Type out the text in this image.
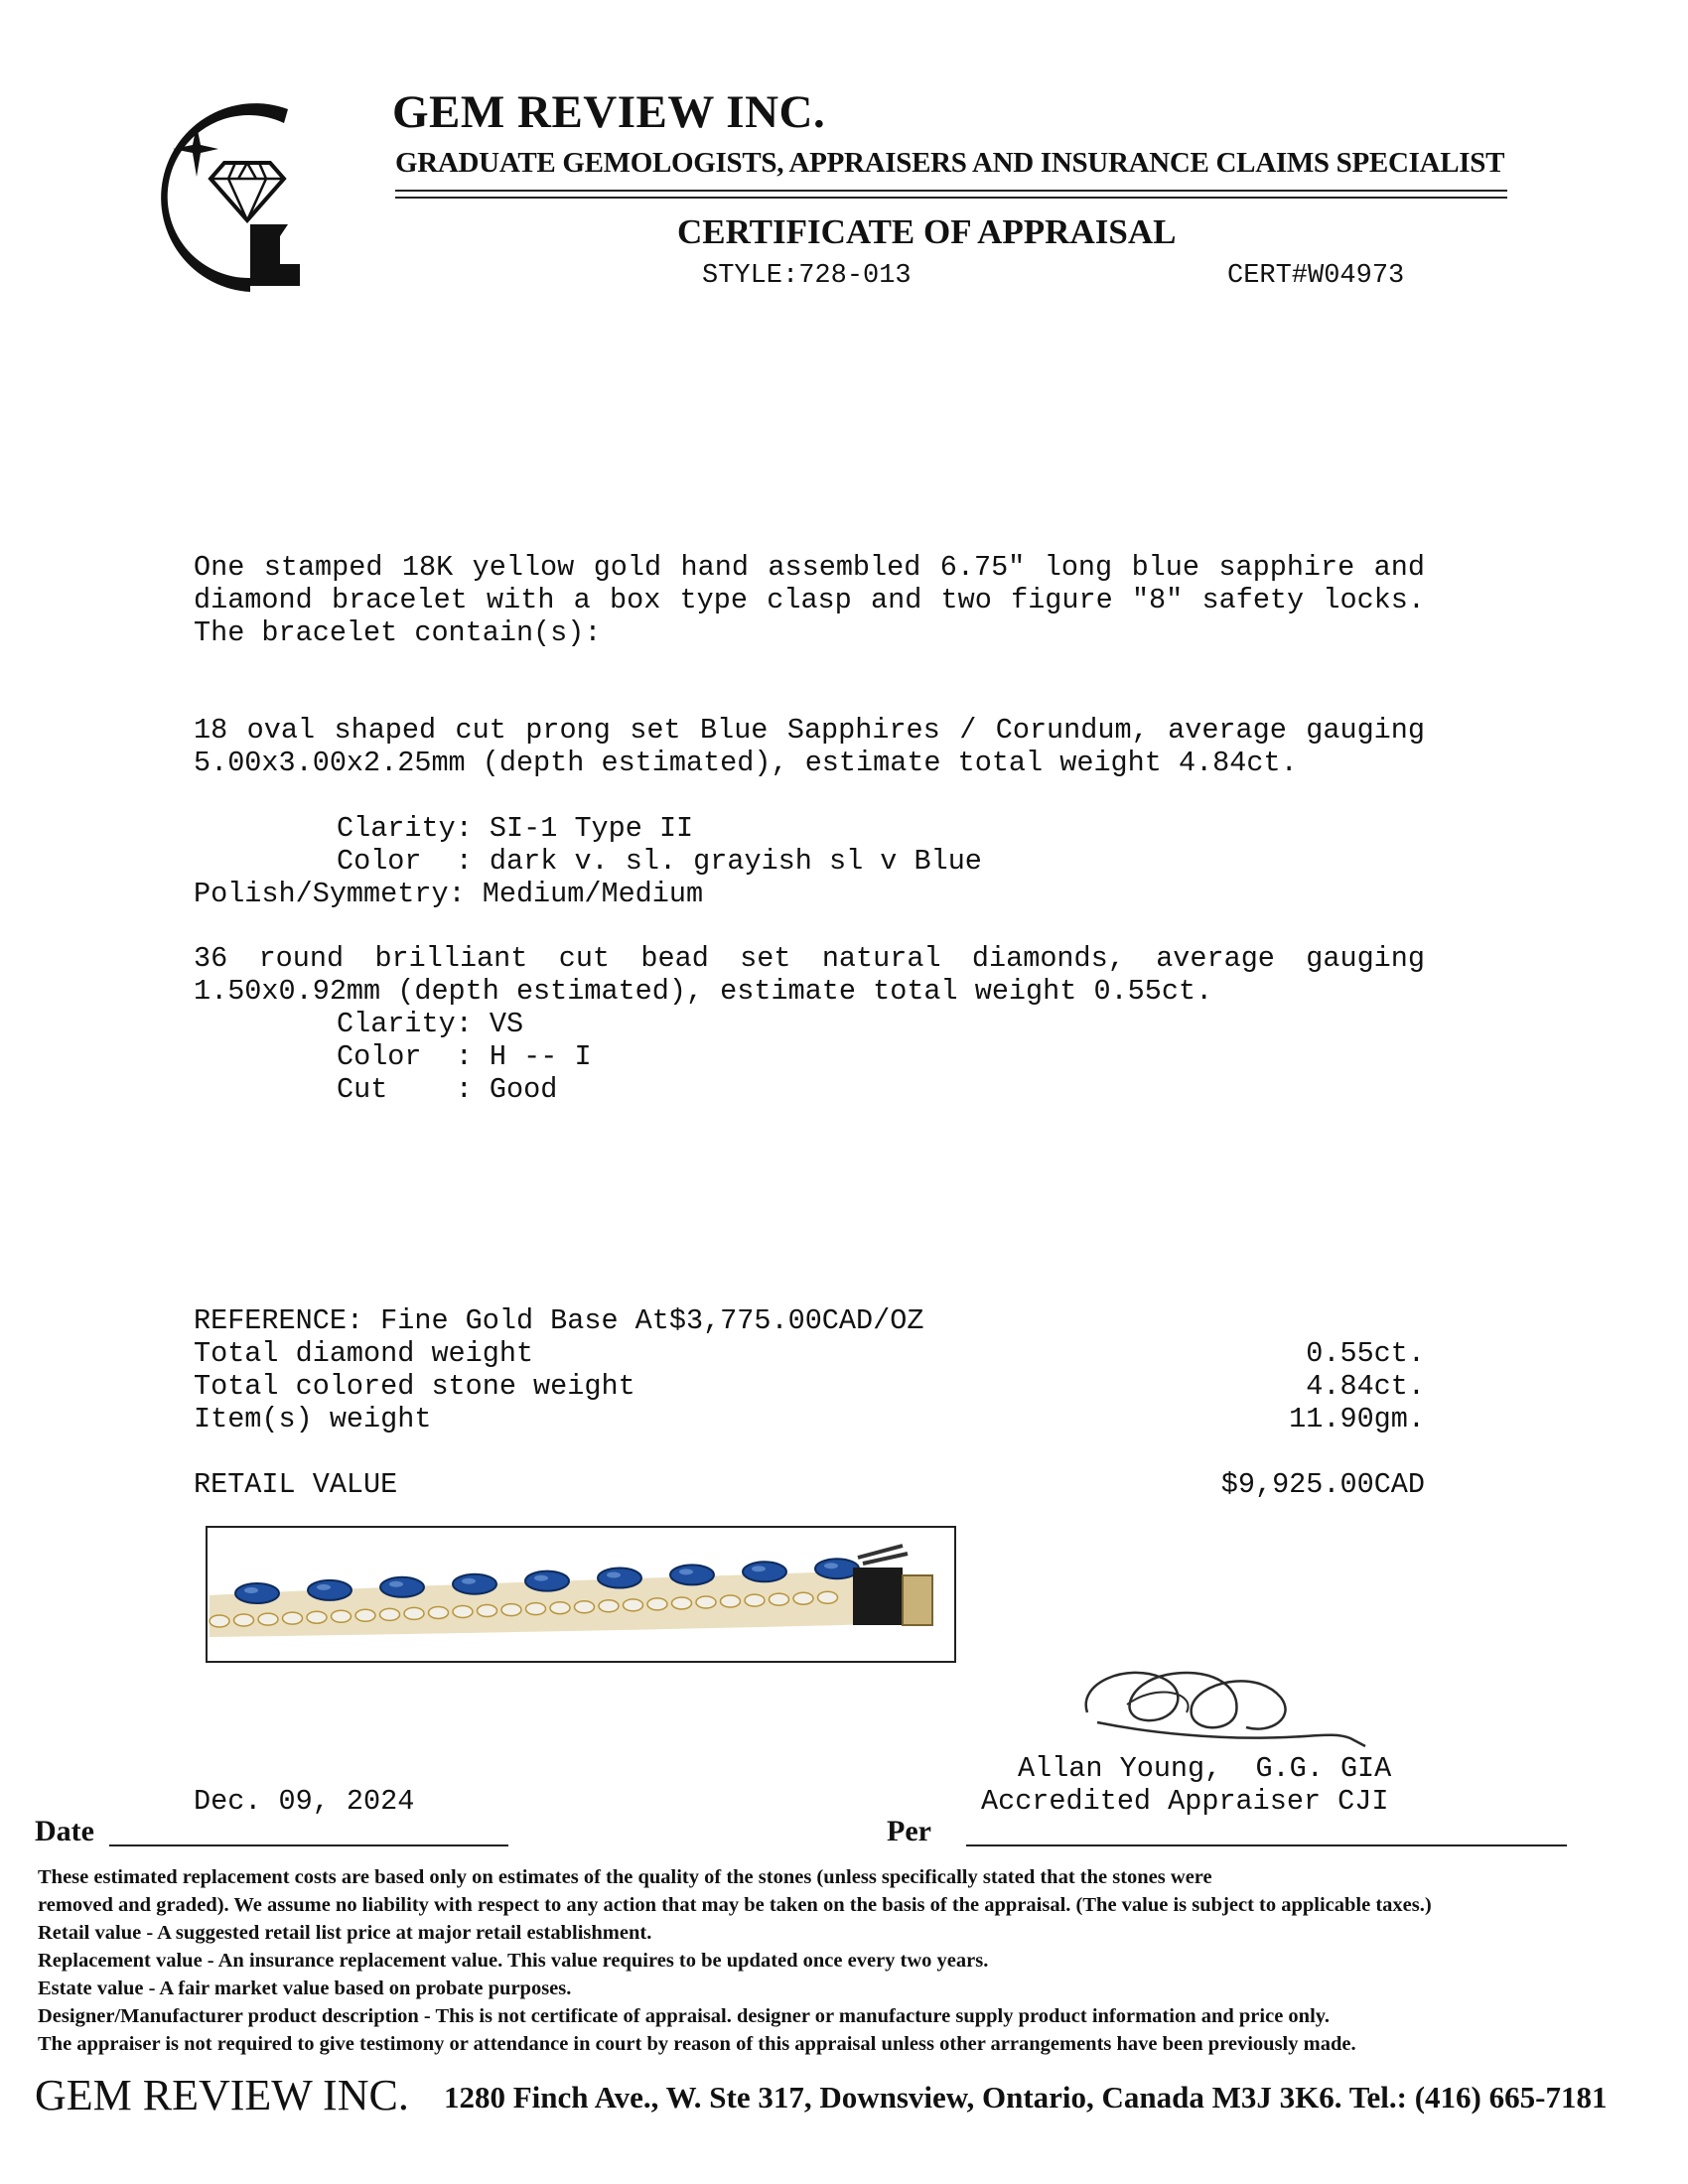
GEM REVIEW INC.
GRADUATE GEMOLOGISTS, APPRAISERS AND INSURANCE CLAIMS SPECIALIST
CERTIFICATE OF APPRAISAL
STYLE:728-013	CERT#W04973
One stamped 18K yellow gold hand assembled 6.75" long blue sapphire and diamond bracelet with a box type clasp and two figure "8" safety locks. The bracelet contain(s):
18 oval shaped cut prong set Blue Sapphires / Corundum, average gauging 5.00x3.00x2.25mm (depth estimated), estimate total weight 4.84ct.
Clarity: SI-1 Type II
Color  : dark v. sl. grayish sl v Blue
Polish/Symmetry: Medium/Medium
36 round brilliant cut bead set natural diamonds, average gauging 1.50x0.92mm (depth estimated), estimate total weight 0.55ct.
Clarity: VS
Color  : H -- I
Cut    : Good
REFERENCE: Fine Gold Base At$3,775.00CAD/OZ
Total diamond weight	0.55ct.
Total colored stone weight	4.84ct.
Item(s) weight	11.90gm.
RETAIL VALUE	$9,925.00CAD
Allan Young,  G.G. GIA
Accredited Appraiser CJI
Dec. 09, 2024
Date	Per
These estimated replacement costs are based only on estimates of the quality of the stones (unless specifically stated that the stones were
removed and graded). We assume no liability with respect to any action that may be taken on the basis of the appraisal. (The value is subject to applicable taxes.)
Retail value - A suggested retail list price at major retail establishment.
Replacement value - An insurance replacement value. This value requires to be updated once every two years.
Estate value - A fair market value based on probate purposes.
Designer/Manufacturer product description - This is not certificate of appraisal. designer or manufacture supply product information and price only.
The appraiser is not required to give testimony or attendance in court by reason of this appraisal unless other arrangements have been previously made.
GEM REVIEW INC. 1280 Finch Ave., W. Ste 317, Downsview, Ontario, Canada M3J 3K6. Tel.: (416) 665-7181
